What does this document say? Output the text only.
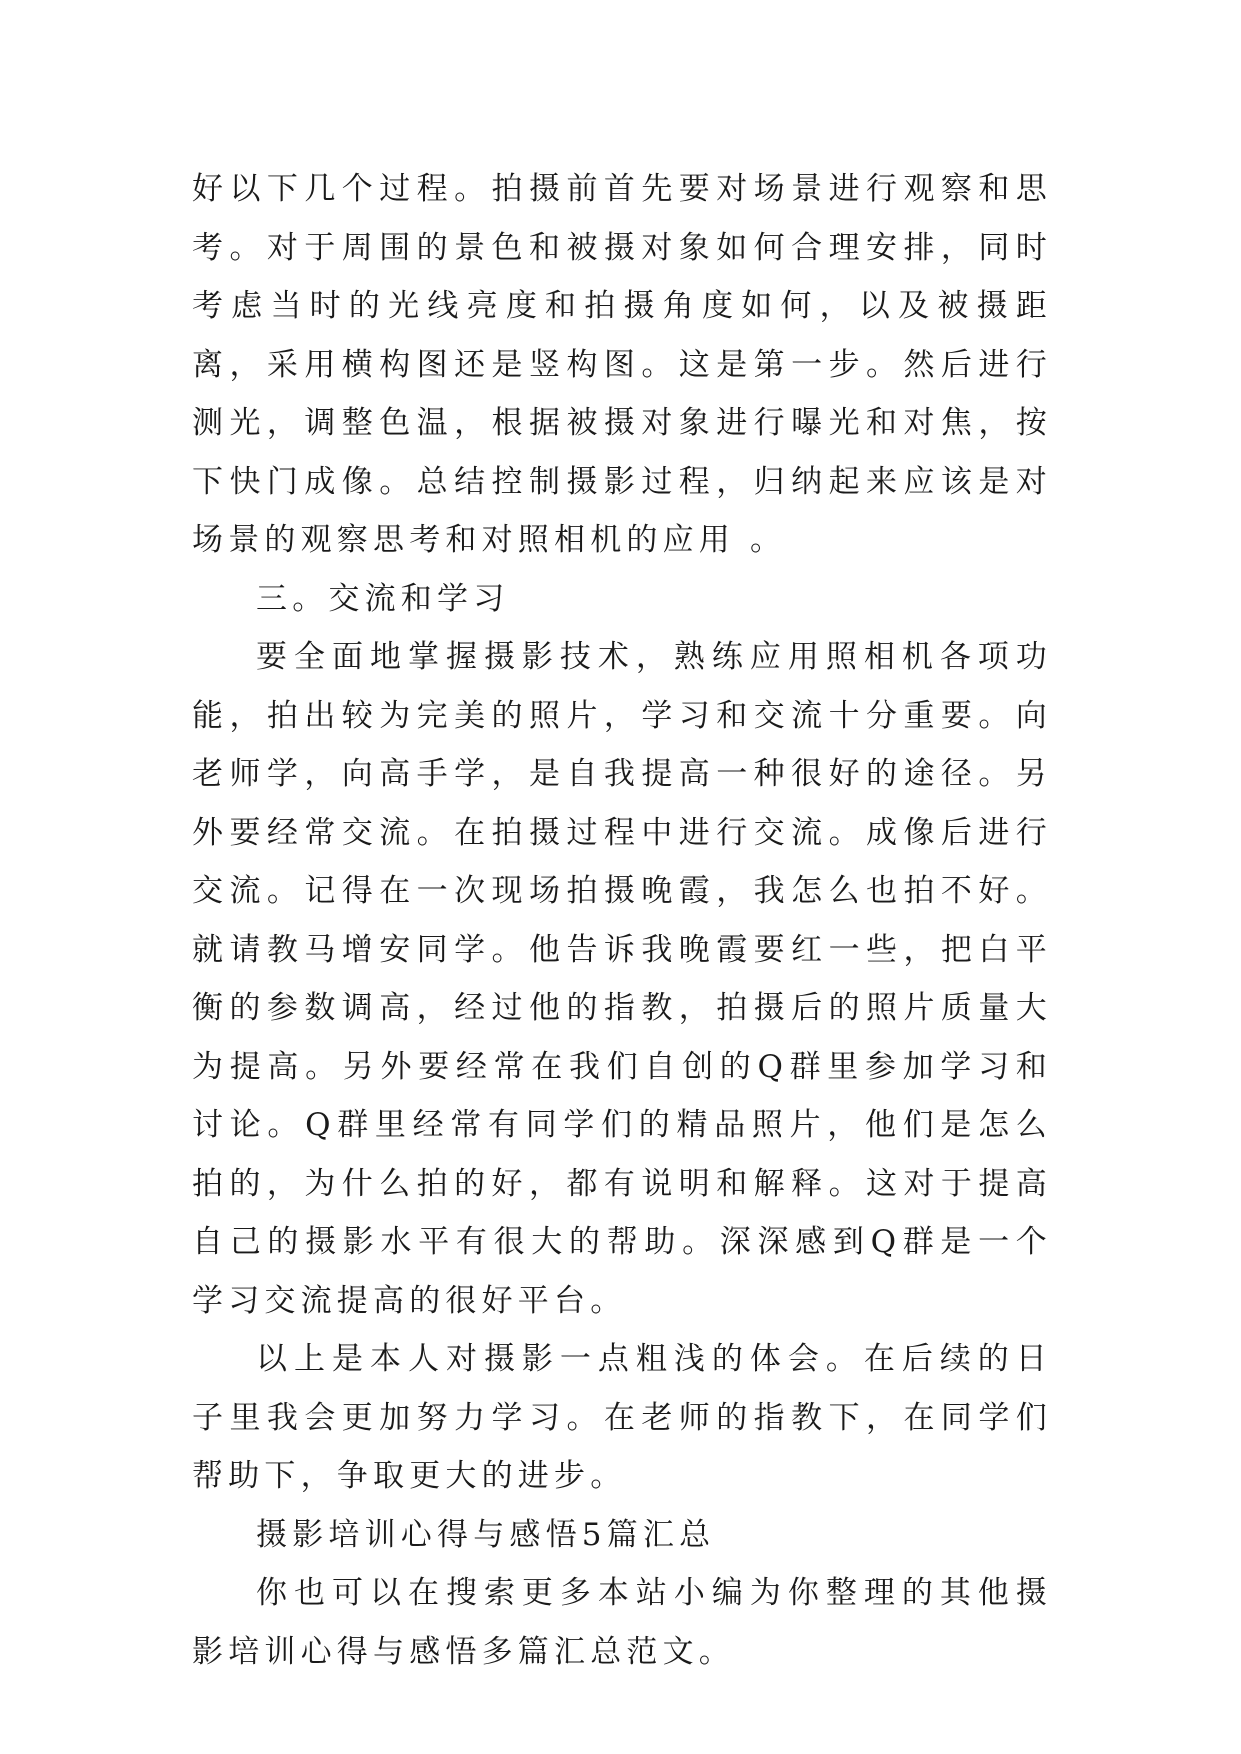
好以下几个过程。拍摄前首先要对场景进行观察和思考。对于周围的景色和被摄对象如何合理安排，同时考虑当时的光线亮度和拍摄角度如何，以及被摄距离，采用横构图还是竖构图。这是第一步。然后进行测光，调整色温，根据被摄对象进行曝光和对焦，按下快门成像。总结控制摄影过程，归纳起来应该是对场景的观察思考和对照相机的应用 。

三。交流和学习

要全面地掌握摄影技术，熟练应用照相机各项功能，拍出较为完美的照片，学习和交流十分重要。向老师学，向高手学，是自我提高一种很好的途径。另外要经常交流。在拍摄过程中进行交流。成像后进行交流。记得在一次现场拍摄晚霞，我怎么也拍不好。就请教马增安同学。他告诉我晚霞要红一些，把白平衡的参数调高，经过他的指教，拍摄后的照片质量大为提高。另外要经常在我们自创的Q群里参加学习和讨论。Q群里经常有同学们的精品照片，他们是怎么拍的，为什么拍的好，都有说明和解释。这对于提高自己的摄影水平有很大的帮助。深深感到Q群是一个学习交流提高的很好平台。

以上是本人对摄影一点粗浅的体会。在后续的日子里我会更加努力学习。在老师的指教下，在同学们帮助下，争取更大的进步。

摄影培训心得与感悟5篇汇总

你也可以在搜索更多本站小编为你整理的其他摄影培训心得与感悟多篇汇总范文。
